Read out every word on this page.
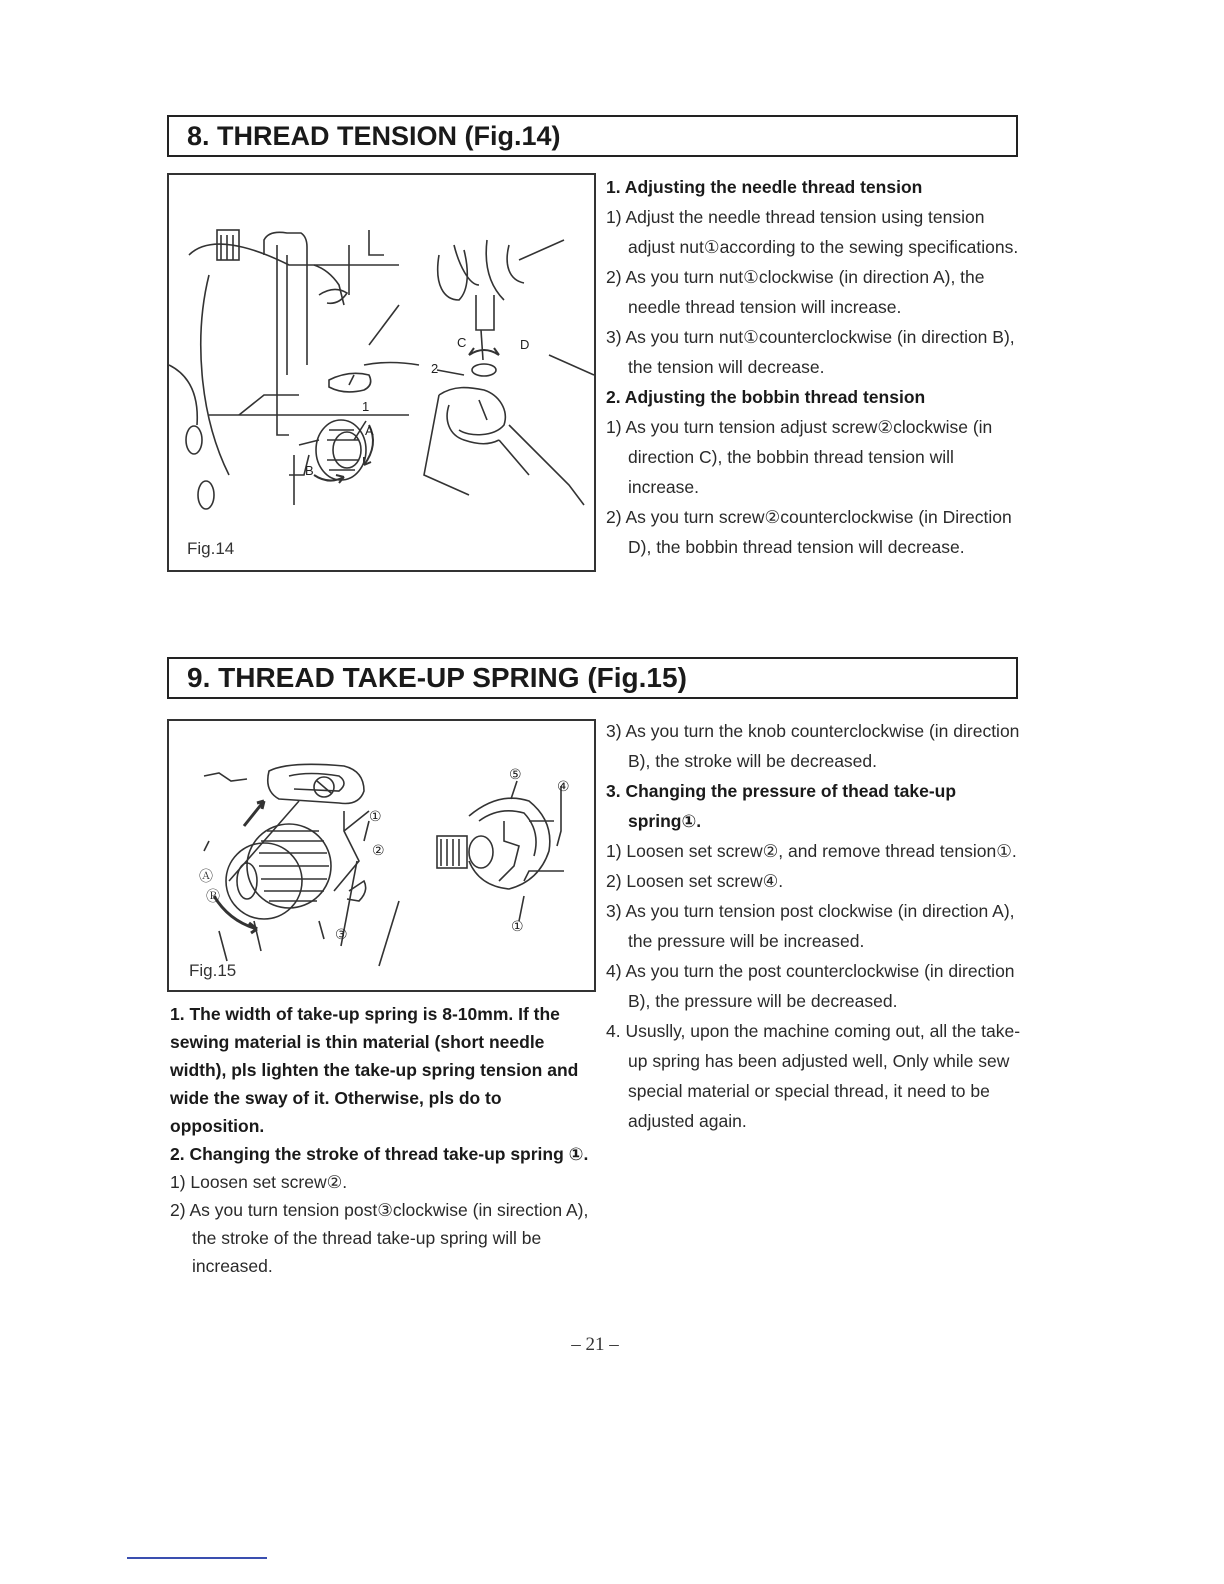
8. THREAD TENSION (Fig.14)
C	D
2
1
A
B
Fig.14

1. Adjusting the needle thread tension

1) Adjust the needle thread tension using tension adjust nut①according to the sewing specifications.

2) As you turn nut①clockwise (in direction A), the needle thread tension will increase.

3) As you turn nut①counterclockwise (in direction B), the tension will decrease.

2. Adjusting the bobbin thread tension

1) As you turn tension adjust screw②clockwise (in direction C), the bobbin thread tension will increase.

2) As you turn screw②counterclockwise (in Direction D), the bobbin thread tension will decrease.

9. THREAD TAKE-UP SPRING (Fig.15)
①
②
③
Ⓐ
Ⓑ
⑤
④
①
Fig.15

1. The width of take-up spring is 8-10mm. If the sewing material is thin material (short needle width), pls lighten the take-up spring tension and wide the sway of it. Otherwise, pls do to opposition.

2. Changing the stroke of thread take-up spring ①.

1) Loosen set screw②.

2) As you turn tension post③clockwise (in sirection A), the stroke of the thread take-up spring will be increased.

3) As you turn the knob counterclockwise (in direction B), the stroke will be decreased.

3. Changing the pressure of thead take-up spring①.

1) Loosen set screw②, and remove thread tension①.

2) Loosen set screw④.

3) As you turn tension post clockwise (in direction A), the pressure will be increased.

4) As you turn the post counterclockwise (in direction B), the pressure will be decreased.

4. Ususlly, upon the machine coming out, all the take-up spring has been adjusted well, Only while sew special material or special thread, it need to be adjusted again.

– 21 –
